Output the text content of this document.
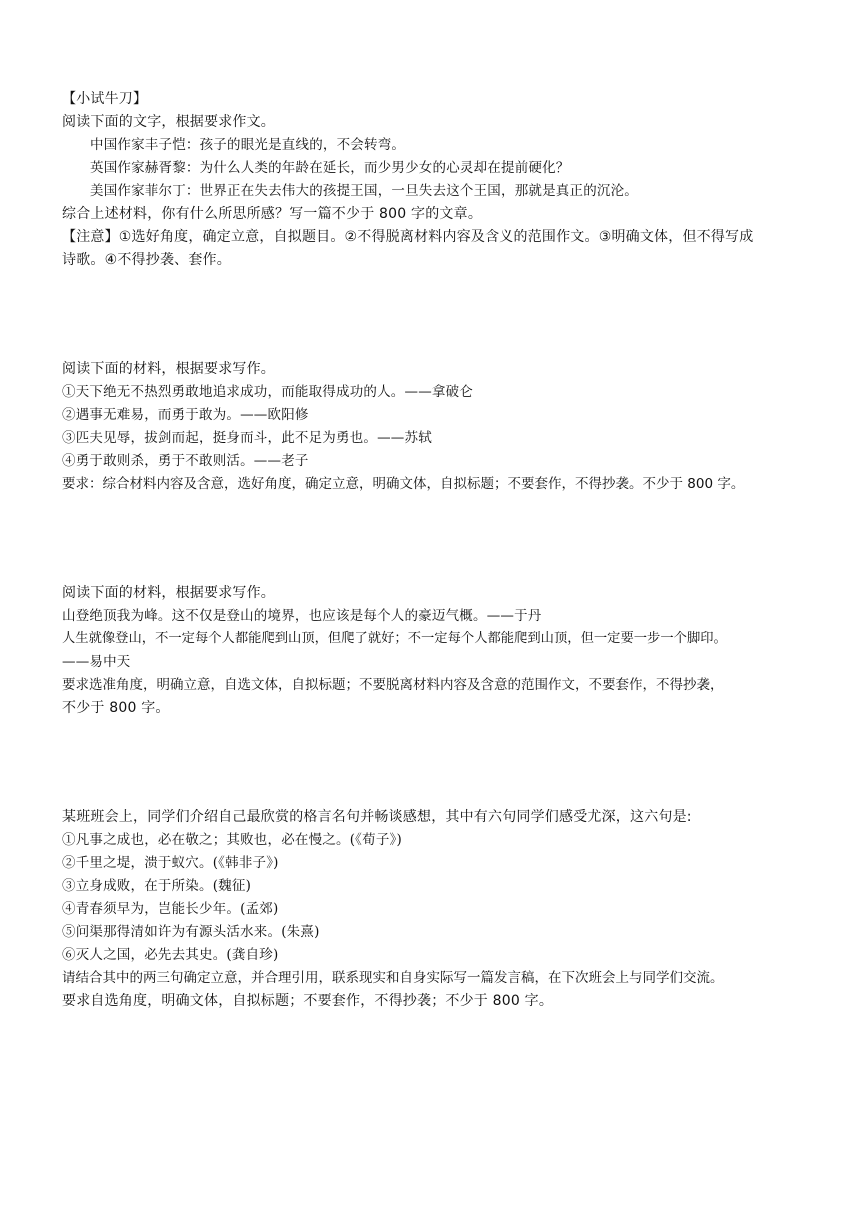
【小试牛刀】
阅读下面的文字，根据要求作文。
中国作家丰子恺：孩子的眼光是直线的，不会转弯。
英国作家赫胥黎：为什么人类的年龄在延长，而少男少女的心灵却在提前硬化？
美国作家菲尔丁：世界正在失去伟大的孩提王国，一旦失去这个王国，那就是真正的沉沦。
综合上述材料，你有什么所思所感？写一篇不少于 800 字的文章。
【注意】①选好角度，确定立意，自拟题目。②不得脱离材料内容及含义的范围作文。③明确文体，但不得写成
诗歌。④不得抄袭、套作。
阅读下面的材料，根据要求写作。
①天下绝无不热烈勇敢地追求成功，而能取得成功的人。——拿破仑
②遇事无难易，而勇于敢为。——欧阳修
③匹夫见辱，拔剑而起，挺身而斗，此不足为勇也。——苏轼
④勇于敢则杀，勇于不敢则活。——老子
要求：综合材料内容及含意，选好角度，确定立意，明确文体，自拟标题；不要套作，不得抄袭。不少于 800 字。
阅读下面的材料，根据要求写作。
山登绝顶我为峰。这不仅是登山的境界，也应该是每个人的豪迈气概。——于丹
人生就像登山，不一定每个人都能爬到山顶，但爬了就好；不一定每个人都能爬到山顶，但一定要一步一个脚印。
——易中天
要求选准角度，明确立意，自选文体，自拟标题；不要脱离材料内容及含意的范围作文，不要套作，不得抄袭，
不少于 800 字。
某班班会上，同学们介绍自己最欣赏的格言名句并畅谈感想，其中有六句同学们感受尤深，这六句是:
①凡事之成也，必在敬之；其败也，必在慢之。(《荀子》)
②千里之堤，溃于蚁穴。(《韩非子》)
③立身成败，在于所染。(魏征)
④青春须早为，岂能长少年。(孟郊)
⑤问渠那得清如许为有源头活水来。(朱熹)
⑥灭人之国，必先去其史。(龚自珍)
请结合其中的两三句确定立意，并合理引用，联系现实和自身实际写一篇发言稿，在下次班会上与同学们交流。
要求自选角度，明确文体，自拟标题；不要套作，不得抄袭；不少于 800 字。
